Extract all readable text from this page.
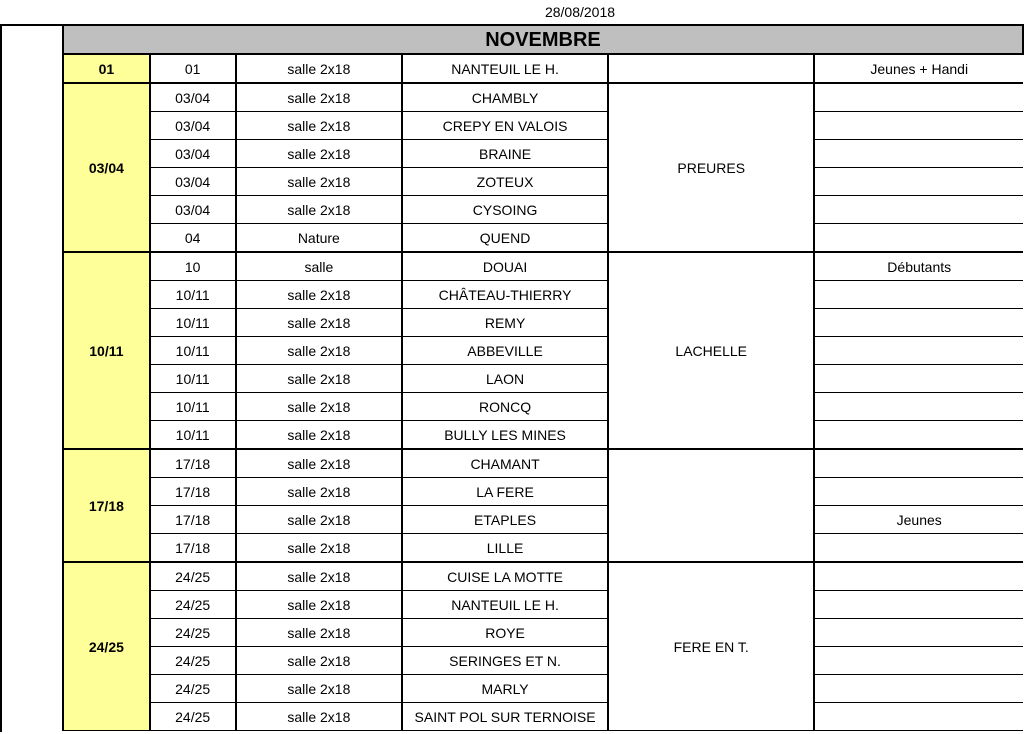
28/08/2018
NOVEMBRE					
01	01	salle 2x18	NANTEUIL LE H.		Jeunes + Handi
03/04	03/04	salle 2x18	CHAMBLY	PREURES	
	03/04	salle 2x18	CREPY EN VALOIS		
	03/04	salle 2x18	BRAINE		
	03/04	salle 2x18	ZOTEUX		
	03/04	salle 2x18	CYSOING		
	04	Nature	QUEND		
10/11	10	salle	DOUAI	LACHELLE	Débutants
	10/11	salle 2x18	CHÂTEAU-THIERRY		
	10/11	salle 2x18	REMY		
	10/11	salle 2x18	ABBEVILLE		
	10/11	salle 2x18	LAON		
	10/11	salle 2x18	RONCQ		
	10/11	salle 2x18	BULLY LES MINES		
17/18	17/18	salle 2x18	CHAMANT		
	17/18	salle 2x18	LA FERE		
	17/18	salle 2x18	ETAPLES		Jeunes
	17/18	salle 2x18	LILLE		
24/25	24/25	salle 2x18	CUISE LA MOTTE	FERE EN T.	
	24/25	salle 2x18	NANTEUIL LE H.		
	24/25	salle 2x18	ROYE		
	24/25	salle 2x18	SERINGES ET N.		
	24/25	salle 2x18	MARLY		
	24/25	salle 2x18	SAINT POL SUR TERNOISE		
